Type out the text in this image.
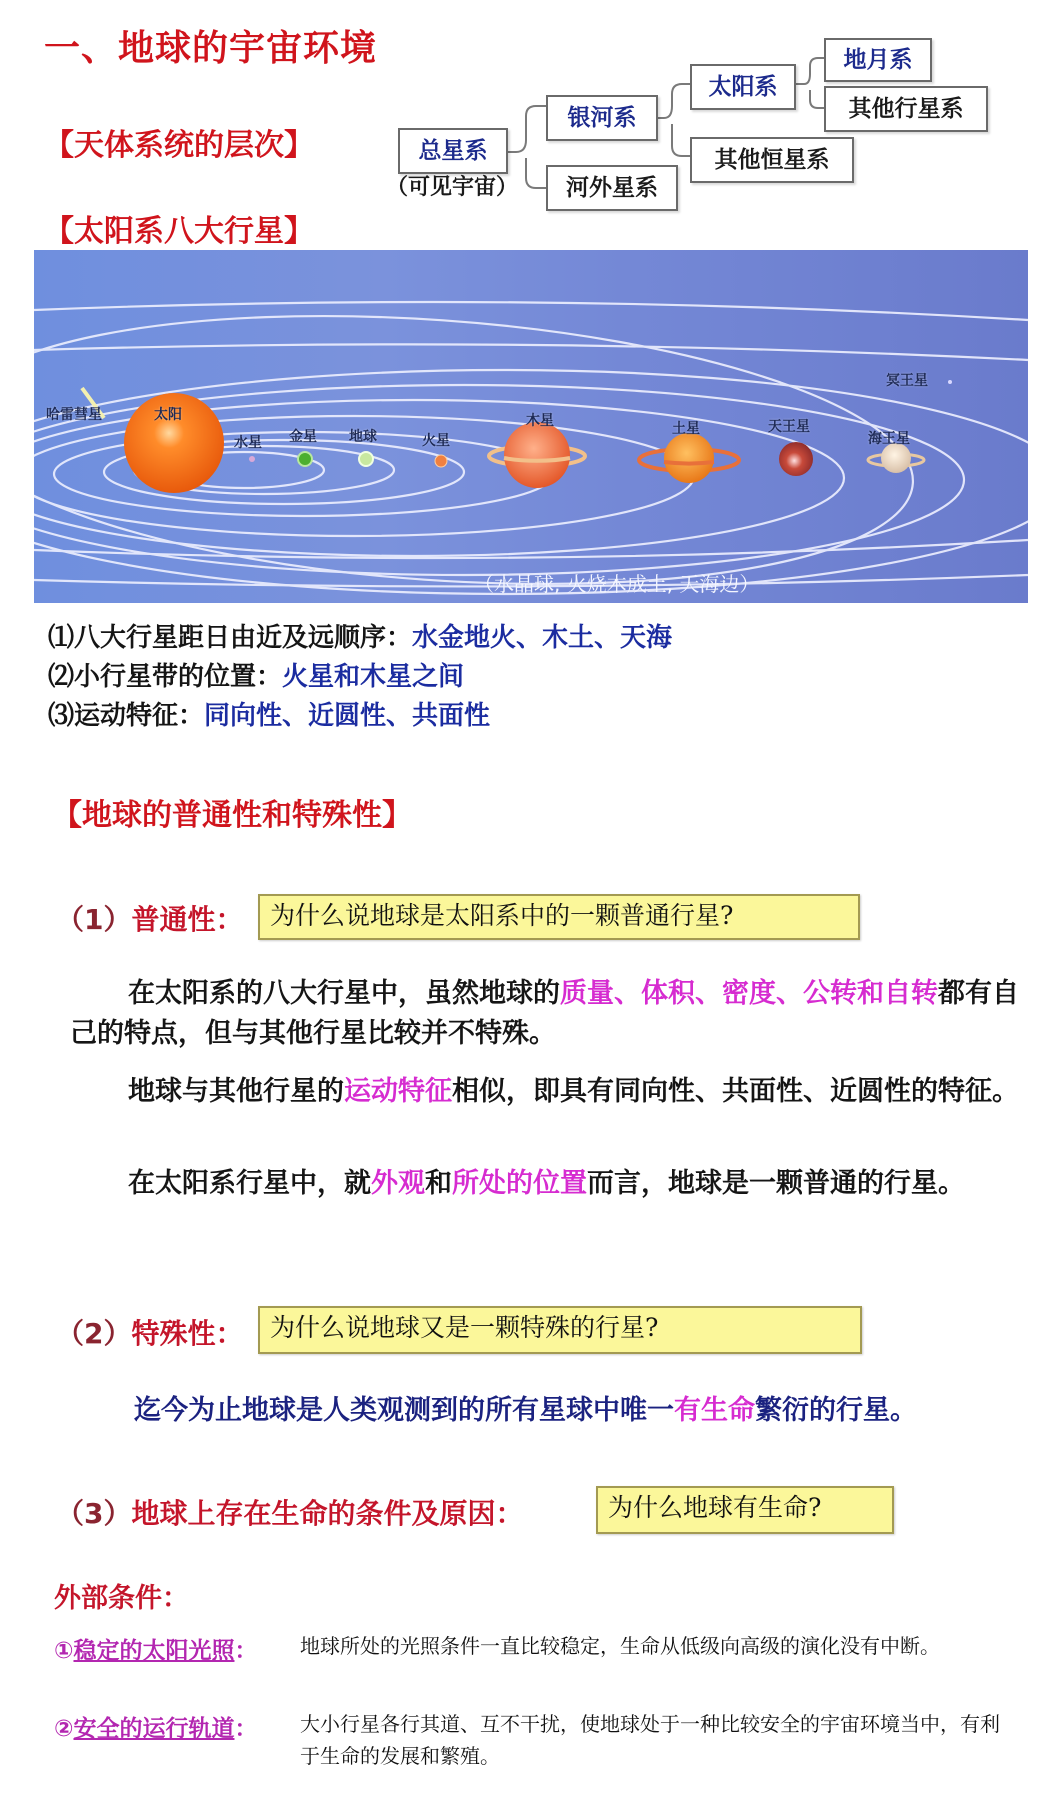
一、地球的宇宙环境
【天体系统的层次】	总星系
（可见宇宙）
银河系
河外星系
太阳系
其他恒星系
地月系
其他行星系
【太阳系八大行星】
哈雷彗星	太阳
水星 金星 地球	火星
木星	土星	天王星
海王星
冥王星
（水晶球, 火烧木成土, 天海边）
⑴八大行星距日由近及远顺序：水金地火、木土、天海
⑵小行星带的位置：火星和木星之间
⑶运动特征：同向性、近圆性、共面性
【地球的普通性和特殊性】
（1）普通性：	为什么说地球是太阳系中的一颗普通行星?
在太阳系的八大行星中，虽然地球的质量、体积、密度、公转和自转都有自己的特点，但与其他行星比较并不特殊。
地球与其他行星的运动特征相似，即具有同向性、共面性、近圆性的特征。
在太阳系行星中，就外观和所处的位置而言，地球是一颗普通的行星。
（2）特殊性：	为什么说地球又是一颗特殊的行星?
迄今为止地球是人类观测到的所有星球中唯一有生命繁衍的行星。
（3）地球上存在生命的条件及原因：	为什么地球有生命?
外部条件：
①稳定的太阳光照： 地球所处的光照条件一直比较稳定，生命从低级向高级的演化没有中断。
②安全的运行轨道： 大小行星各行其道、互不干扰，使地球处于一种比较安全的宇宙环境当中，有利于生命的发展和繁殖。
